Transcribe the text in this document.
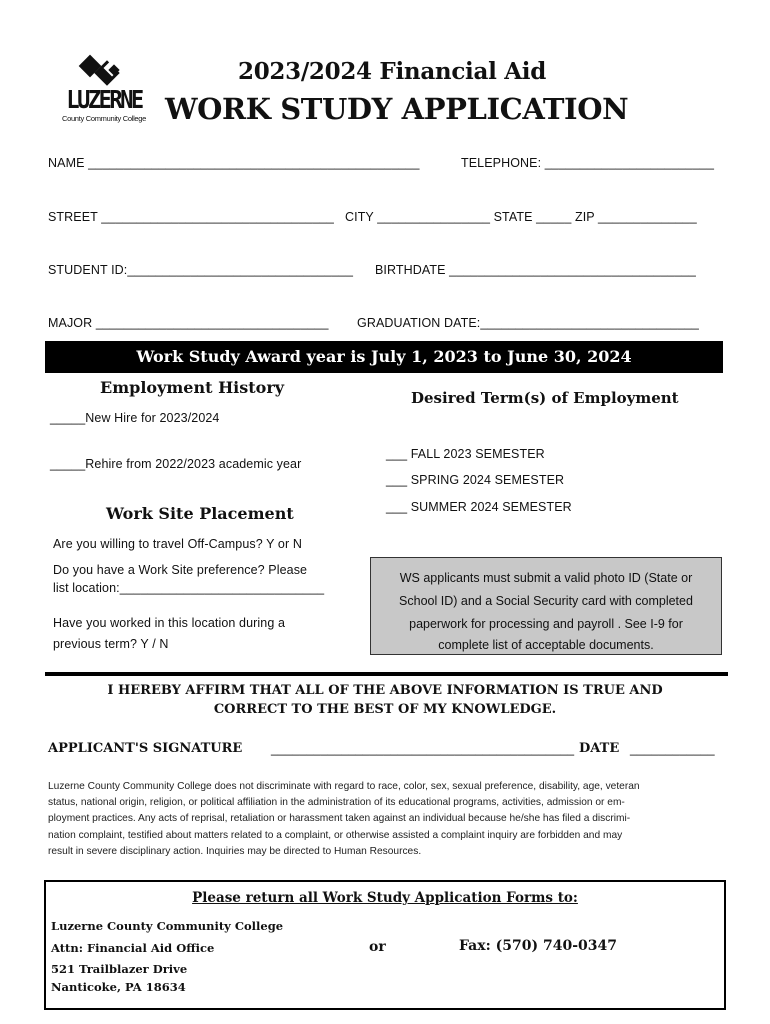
LUZERNE
County Community College
2023/2024 Financial Aid
WORK STUDY APPLICATION
NAME _______________________________________________	TELEPHONE: ________________________
STREET _________________________________ CITY ________________ STATE _____ ZIP ______________
STUDENT ID:________________________________ BIRTHDATE ___________________________________
MAJOR _________________________________ GRADUATION DATE:_______________________________
Work Study Award year is July 1, 2023 to June 30, 2024
Employment History
_____New Hire for 2023/2024
_____Rehire from 2022/2023 academic year
Desired Term(s) of Employment
___ FALL 2023 SEMESTER
___ SPRING 2024 SEMESTER
___ SUMMER 2024 SEMESTER
Work Site Placement
Are you willing to travel Off-Campus? Y or N
Do you have a Work Site preference? Please
list location:_____________________________
Have you worked in this location during a
previous term? Y / N
WS applicants must submit a valid photo ID (State or
School ID) and a Social Security card with completed
paperwork for processing and payroll . See I-9 for
complete list of acceptable documents.
I HEREBY AFFIRM THAT ALL OF THE ABOVE INFORMATION IS TRUE AND
CORRECT TO THE BEST OF MY KNOWLEDGE.
APPLICANT'S SIGNATURE ___________________________________________ DATE ____________
Luzerne County Community College does not discriminate with regard to race, color, sex, sexual preference, disability, age, veteran
status, national origin, religion, or political affiliation in the administration of its educational programs, activities, admission or em-
ployment practices. Any acts of reprisal, retaliation or harassment taken against an individual because he/she has filed a discrimi-
nation complaint, testified about matters related to a complaint, or otherwise assisted a complaint inquiry are forbidden and may
result in severe disciplinary action. Inquiries may be directed to Human Resources.
Please return all Work Study Application Forms to:
Luzerne County Community College
Attn: Financial Aid Office
521 Trailblazer Drive
Nanticoke, PA 18634
or	Fax: (570) 740-0347
